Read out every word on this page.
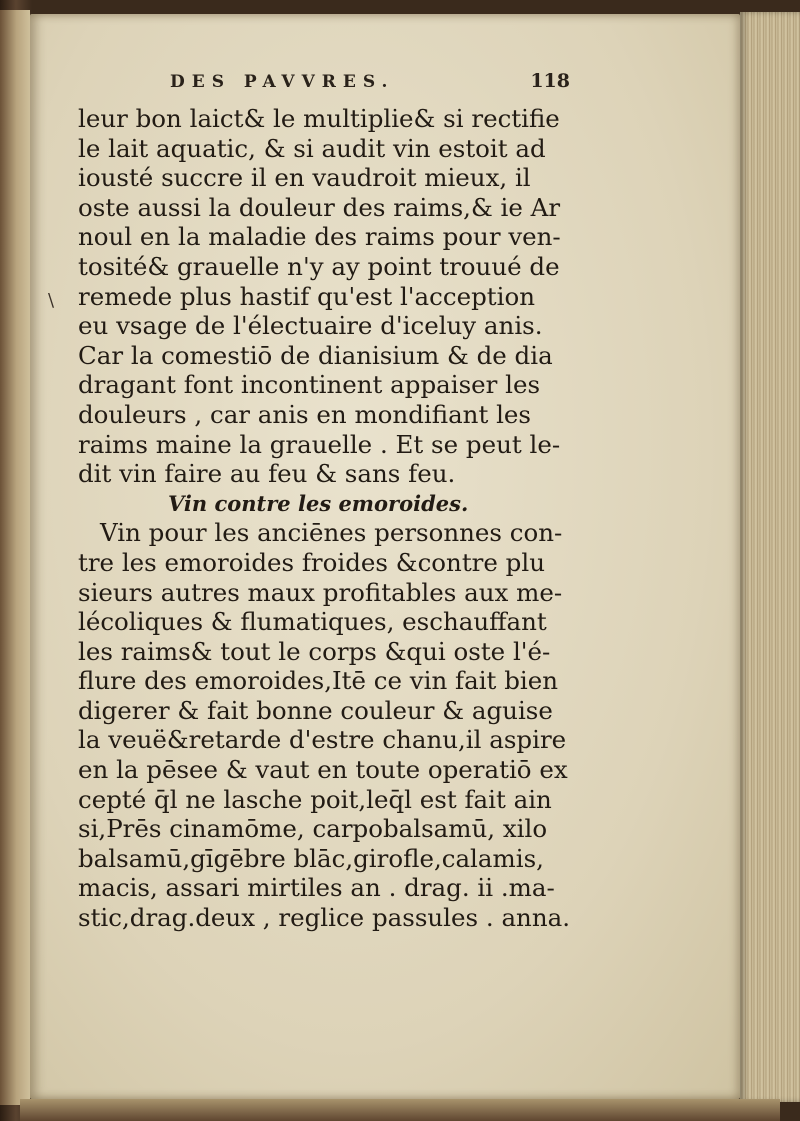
DES PAVVRES.	118
\
leur bon laict& le multiplie& si rectifie
le lait aquatic, & si audit vin estoit ad
iousté succre il en vaudroit mieux, il
oste aussi la douleur des raims,& ie Ar
noul en la maladie des raims pour ven-
tosité& grauelle n'y ay point trouué de
remede plus hastif qu'est l'acception
eu vsage de l'électuaire d'iceluy anis.
Car la comestiō de dianisium & de dia
dragant font incontinent appaiser les
douleurs , car anis en mondifiant les
raims maine la grauelle . Et se peut le-
dit vin faire au feu & sans feu.
Vin contre les emoroides.
Vin pour les anciēnes personnes con-
tre les emoroides froides &contre plu
sieurs autres maux profitables aux me-
lécoliques & flumatiques, eschauffant
les raims& tout le corps &qui oste l'é-
flure des emoroides,Itē ce vin fait bien
digerer & fait bonne couleur & aguise
la veuë&retarde d'estre chanu,il aspire
en la pēsee & vaut en toute operatiō ex
cepté q̄l ne lasche poit,leq̄l est fait ain
si,Prēs cinamōme, carpobalsamū, xilo
balsamū,gīgēbre blāc,girofle,calamis,
macis, assari mirtiles an . drag. ii .ma-
stic,drag.deux , reglice passules . anna.
